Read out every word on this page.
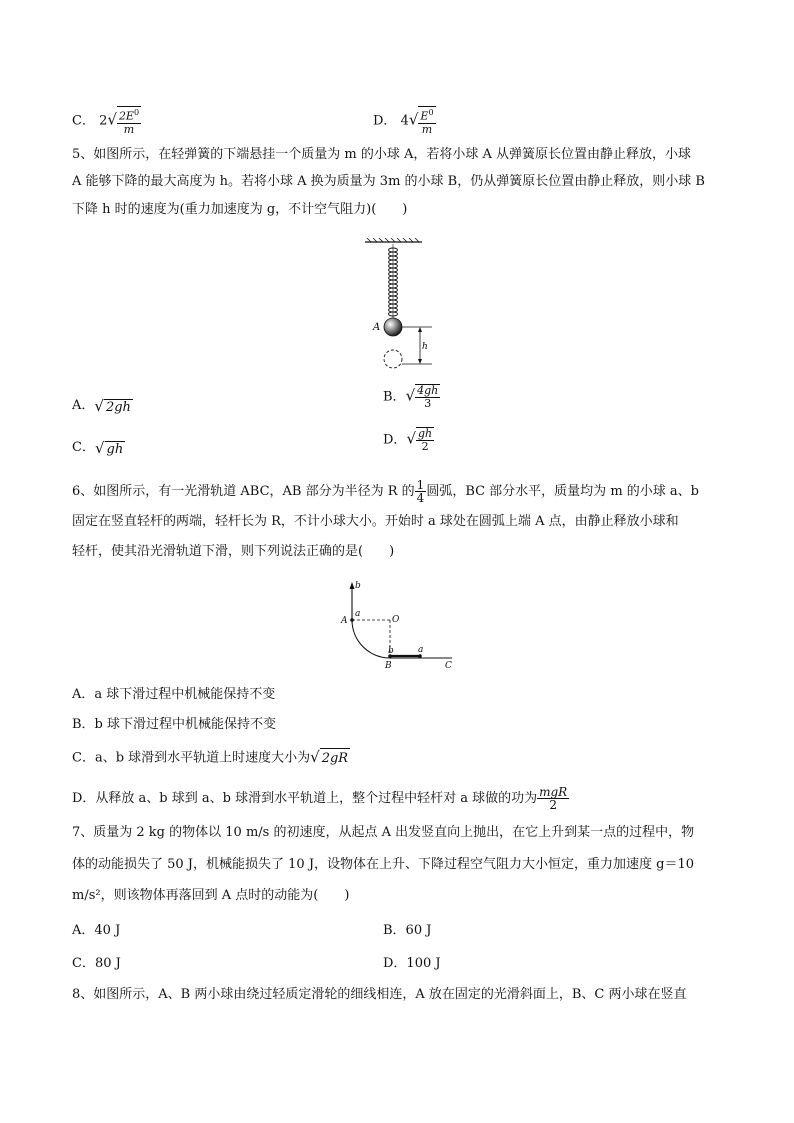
C． $2√ \frac{2E^0}{m}$	D． $4√ \frac{E^0}{m}$
5、如图所示，在轻弹簧的下端悬挂一个质量为 m 的小球 A，若将小球 A 从弹簧原长位置由静止释放，小球
A 能够下降的最大高度为 h。若将小球 A 换为质量为 3m 的小球 B，仍从弹簧原长位置由静止释放，则小球 B
下降 h 时的速度为(重力加速度为 g，不计空气阻力)(　　)
A
h
A．√ 2gh
B．√ $\frac{4gh}{3}$
C．√ gh
D．√ $\frac{gh}{2}$
6、如图所示，有一光滑轨道 ABC，AB 部分为半径为 R 的 $\frac{1}{4}$ 圆弧，BC 部分水平，质量均为 m 的小球 a、b
固定在竖直轻杆的两端，轻杆长为 R，不计小球大小。开始时 a 球处在圆弧上端 A 点，由静止释放小球和
轻杆，使其沿光滑轨道下滑，则下列说法正确的是(　　)
b
A
a
O
b	a
B	C
A．a 球下滑过程中机械能保持不变
B．b 球下滑过程中机械能保持不变
C．a、b 球滑到水平轨道上时速度大小为√ 2gR
D．从释放 a、b 球到 a、b 球滑到水平轨道上，整个过程中轻杆对 a 球做的功为 $\frac{\text{mgR}}{2}$
7、质量为 2 kg 的物体以 10 m/s 的初速度，从起点 A 出发竖直向上抛出，在它上升到某一点的过程中，物
体的动能损失了 50 J，机械能损失了 10 J，设物体在上升、下降过程空气阻力大小恒定，重力加速度 g＝10
m/s²，则该物体再落回到 A 点时的动能为(　　)
A．40 J	B．60 J
C．80 J	D．100 J
8、如图所示，A、B 两小球由绕过轻质定滑轮的细线相连，A 放在固定的光滑斜面上，B、C 两小球在竖直
